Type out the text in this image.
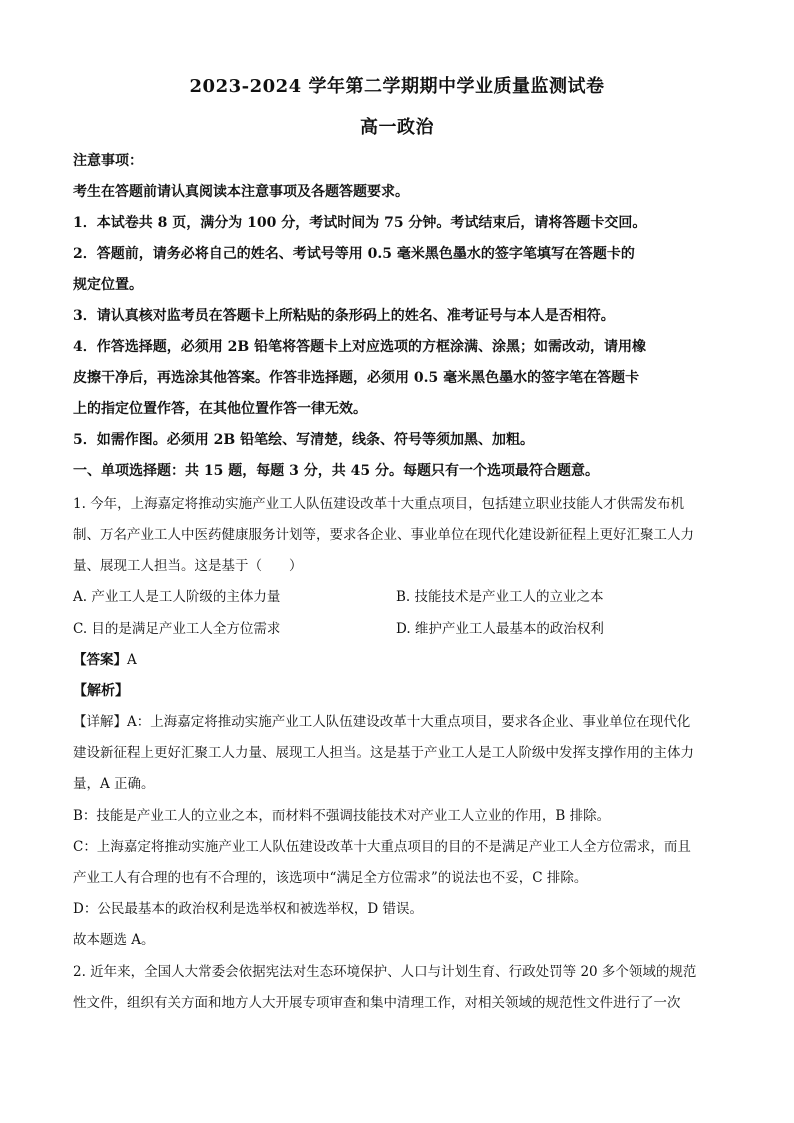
2023-2024 学年第二学期期中学业质量监测试卷
高一政治
注意事项：
考生在答题前请认真阅读本注意事项及各题答题要求。
1．本试卷共 8 页，满分为 100 分，考试时间为 75 分钟。考试结束后，请将答题卡交回。
2．答题前，请务必将自己的姓名、考试号等用 0.5 毫米黑色墨水的签字笔填写在答题卡的
规定位置。
3．请认真核对监考员在答题卡上所粘贴的条形码上的姓名、准考证号与本人是否相符。
4．作答选择题，必须用 2B 铅笔将答题卡上对应选项的方框涂满、涂黑；如需改动，请用橡
皮擦干净后，再选涂其他答案。作答非选择题，必须用 0.5 毫米黑色墨水的签字笔在答题卡
上的指定位置作答，在其他位置作答一律无效。
5．如需作图。必须用 2B 铅笔绘、写清楚，线条、符号等须加黑、加粗。
一、单项选择题：共 15 题，每题 3 分，共 45 分。每题只有一个选项最符合题意。
1. 今年，上海嘉定将推动实施产业工人队伍建设改革十大重点项目，包括建立职业技能人才供需发布机
制、万名产业工人中医药健康服务计划等，要求各企业、事业单位在现代化建设新征程上更好汇聚工人力
量、展现工人担当。这是基于（　　）
A. 产业工人是工人阶级的主体力量	B. 技能技术是产业工人的立业之本
C. 目的是满足产业工人全方位需求	D. 维护产业工人最基本的政治权利
【答案】A
【解析】
【详解】A：上海嘉定将推动实施产业工人队伍建设改革十大重点项目，要求各企业、事业单位在现代化
建设新征程上更好汇聚工人力量、展现工人担当。这是基于产业工人是工人阶级中发挥支撑作用的主体力
量，A 正确。
B：技能是产业工人的立业之本，而材料不强调技能技术对产业工人立业的作用，B 排除。
C：上海嘉定将推动实施产业工人队伍建设改革十大重点项目的目的不是满足产业工人全方位需求，而且
产业工人有合理的也有不合理的，该选项中“满足全方位需求”的说法也不妥，C 排除。
D：公民最基本的政治权利是选举权和被选举权，D 错误。
故本题选 A。
2. 近年来，全国人大常委会依据宪法对生态环境保护、人口与计划生育、行政处罚等 20 多个领域的规范
性文件，组织有关方面和地方人大开展专项审查和集中清理工作，对相关领域的规范性文件进行了一次
